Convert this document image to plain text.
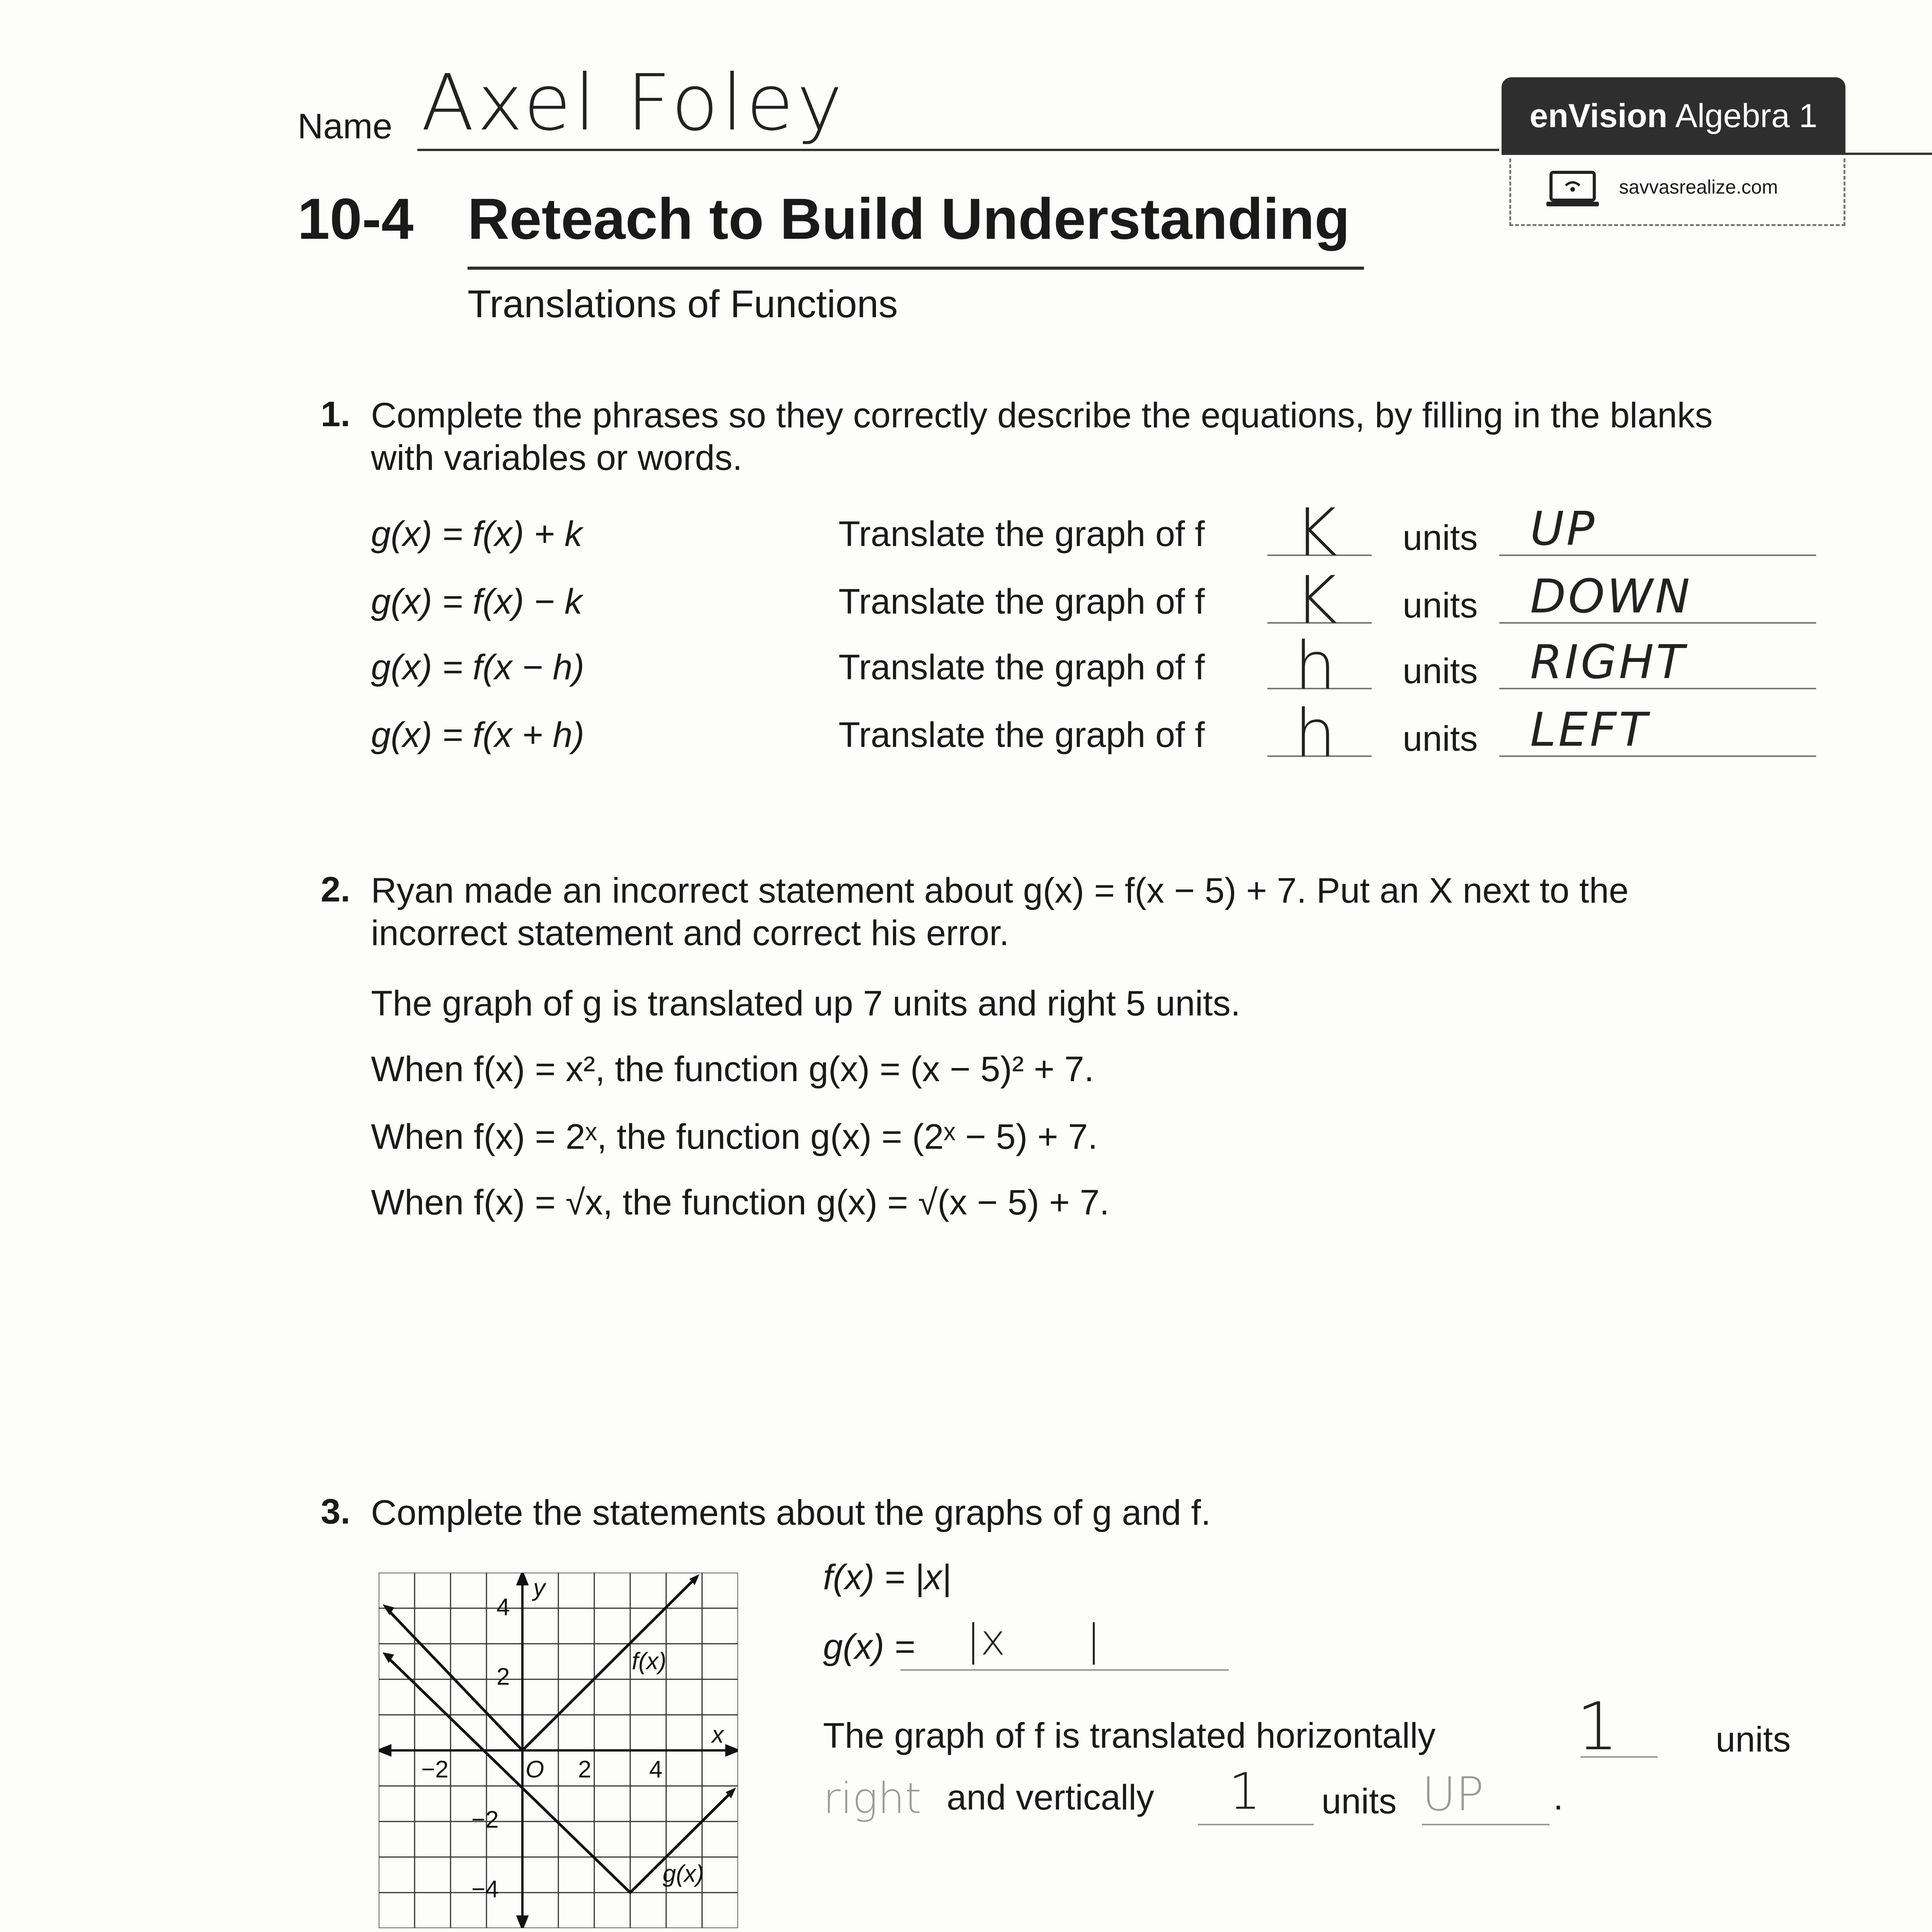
Name Axel Foley	enVision Algebra 1
savvasrealize.com
10-4 Reteach to Build Understanding
Translations of Functions
1. Complete the phrases so they correctly describe the equations, by filling in the blanks with variables or words.
g(x) = f(x) + k	Translate the graph of f K units UP
g(x) = f(x) − k	Translate the graph of f K units DOWN
g(x) = f(x − h)	Translate the graph of f h units RIGHT
g(x) = f(x + h)	Translate the graph of f h units LEFT
2. Ryan made an incorrect statement about g(x) = f(x − 5) + 7. Put an X next to the incorrect statement and correct his error.
The graph of g is translated up 7 units and right 5 units.
When f(x) = x², the function g(x) = (x − 5)² + 7.
When f(x) = 2ˣ, the function g(x) = (2ˣ − 5) + 7.
When f(x) = √x, the function g(x) = √(x − 5) + 7.
3. Complete the statements about the graphs of g and f.
x
y
−2	O 2 4
4
2
−2
−4
f(x)
g(x)
f(x) = |x|
g(x) = |x      |
The graph of f is translated horizontally 1	units
right and vertically 1 units UP .
